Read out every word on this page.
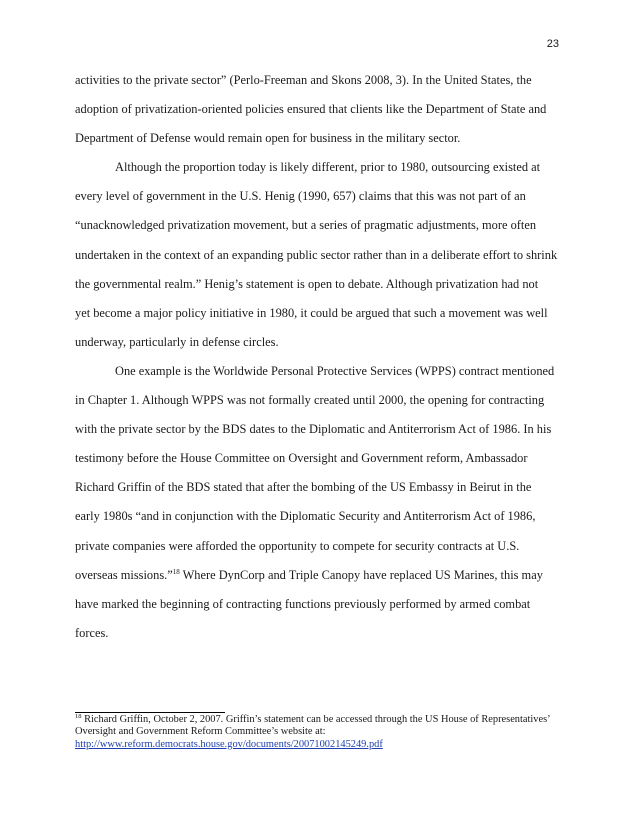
23
activities to the private sector” (Perlo-Freeman and Skons 2008, 3). In the United States, the
adoption of privatization-oriented policies ensured that clients like the Department of State and
Department of Defense would remain open for business in the military sector.
Although the proportion today is likely different, prior to 1980, outsourcing existed at
every level of government in the U.S. Henig (1990, 657) claims that this was not part of an
“unacknowledged privatization movement, but a series of pragmatic adjustments, more often
undertaken in the context of an expanding public sector rather than in a deliberate effort to shrink
the governmental realm.” Henig’s statement is open to debate. Although privatization had not
yet become a major policy initiative in 1980, it could be argued that such a movement was well
underway, particularly in defense circles.
One example is the Worldwide Personal Protective Services (WPPS) contract mentioned
in Chapter 1. Although WPPS was not formally created until 2000, the opening for contracting
with the private sector by the BDS dates to the Diplomatic and Antiterrorism Act of 1986. In his
testimony before the House Committee on Oversight and Government reform, Ambassador
Richard Griffin of the BDS stated that after the bombing of the US Embassy in Beirut in the
early 1980s “and in conjunction with the Diplomatic Security and Antiterrorism Act of 1986,
private companies were afforded the opportunity to compete for security contracts at U.S.
overseas missions.”$^{18}$ Where DynCorp and Triple Canopy have replaced US Marines, this may
have marked the beginning of contracting functions previously performed by armed combat
forces.
$^{18}$ Richard Griffin, October 2, 2007. Griffin’s statement can be accessed through the US House of Representatives’
Oversight and Government Reform Committee’s website at:
http://www.reform.democrats.house.gov/documents/20071002145249.pdf
